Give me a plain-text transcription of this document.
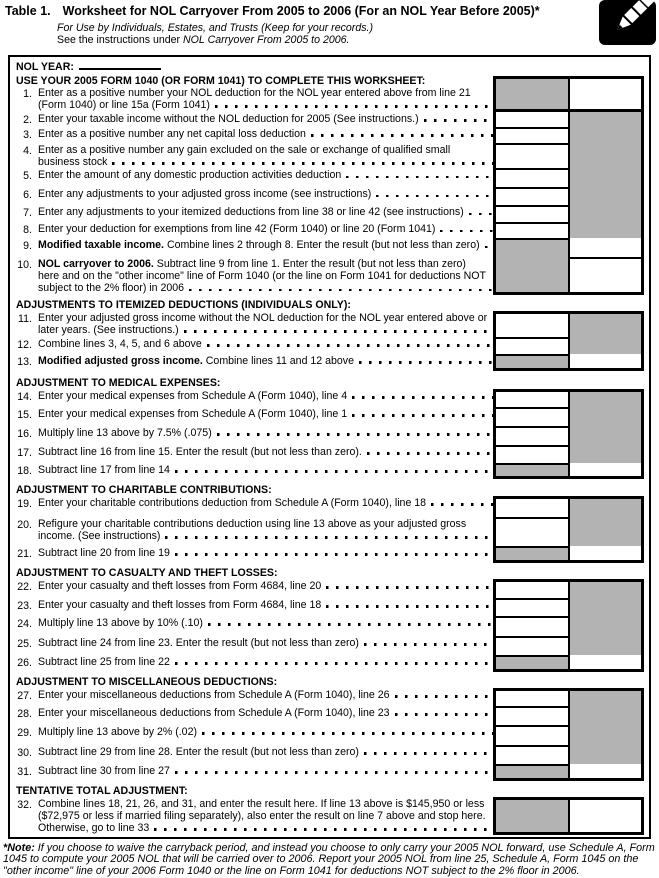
Table 1. Worksheet for NOL Carryover From 2005 to 2006 (For an NOL Year Before 2005)*
For Use by Individuals, Estates, and Trusts (Keep for your records.)
See the instructions under NOL Carryover From 2005 to 2006.
NOL YEAR:
USE YOUR 2005 FORM 1040 (OR FORM 1041) TO COMPLETE THIS WORKSHEET:
1. Enter as a positive number your NOL deduction for the NOL year entered above from line 21 (Form 1040) or line 15a (Form 1041)
2. Enter your taxable income without the NOL deduction for 2005 (See instructions.)
3. Enter as a positive number any net capital loss deduction
4. Enter as a positive number any gain excluded on the sale or exchange of qualified small business stock
5. Enter the amount of any domestic production activities deduction
6. Enter any adjustments to your adjusted gross income (see instructions)
7. Enter any adjustments to your itemized deductions from line 38 or line 42 (see instructions)
8. Enter your deduction for exemptions from line 42 (Form 1040) or line 20 (Form 1041)
9. Modified taxable income. Combine lines 2 through 8. Enter the result (but not less than zero)
10. NOL carryover to 2006. Subtract line 9 from line 1. Enter the result (but not less than zero) here and on the "other income" line of Form 1040 (or the line on Form 1041 for deductions NOT subject to the 2% floor) in 2006
ADJUSTMENTS TO ITEMIZED DEDUCTIONS (INDIVIDUALS ONLY):
11. Enter your adjusted gross income without the NOL deduction for the NOL year entered above or later years. (See instructions.)
12. Combine lines 3, 4, 5, and 6 above
13. Modified adjusted gross income. Combine lines 11 and 12 above
ADJUSTMENT TO MEDICAL EXPENSES:
14. Enter your medical expenses from Schedule A (Form 1040), line 4
15. Enter your medical expenses from Schedule A (Form 1040), line 1
16. Multiply line 13 above by 7.5% (.075)
17. Subtract line 16 from line 15. Enter the result (but not less than zero).
18. Subtract line 17 from line 14
ADJUSTMENT TO CHARITABLE CONTRIBUTIONS:
19. Enter your charitable contributions deduction from Schedule A (Form 1040), line 18
20. Refigure your charitable contributions deduction using line 13 above as your adjusted gross income. (See instructions)
21. Subtract line 20 from line 19
ADJUSTMENT TO CASUALTY AND THEFT LOSSES:
22. Enter your casualty and theft losses from Form 4684, line 20
23. Enter your casualty and theft losses from Form 4684, line 18
24. Multiply line 13 above by 10% (.10)
25. Subtract line 24 from line 23. Enter the result (but not less than zero)
26. Subtract line 25 from line 22
ADJUSTMENT TO MISCELLANEOUS DEDUCTIONS:
27. Enter your miscellaneous deductions from Schedule A (Form 1040), line 26
28. Enter your miscellaneous deductions from Schedule A (Form 1040), line 23
29. Multiply line 13 above by 2% (.02)
30. Subtract line 29 from line 28. Enter the result (but not less than zero)
31. Subtract line 30 from line 27
TENTATIVE TOTAL ADJUSTMENT:
32. Combine lines 18, 21, 26, and 31, and enter the result here. If line 13 above is $145,950 or less ($72,975 or less if married filing separately), also enter the result on line 7 above and stop here. Otherwise, go to line 33
*Note: If you choose to waive the carryback period, and instead you choose to only carry your 2005 NOL forward, use Schedule A, Form 1045 to compute your 2005 NOL that will be carried over to 2006. Report your 2005 NOL from line 25, Schedule A, Form 1045 on the "other income" line of your 2006 Form 1040 or the line on Form 1041 for deductions NOT subject to the 2% floor in 2006.
